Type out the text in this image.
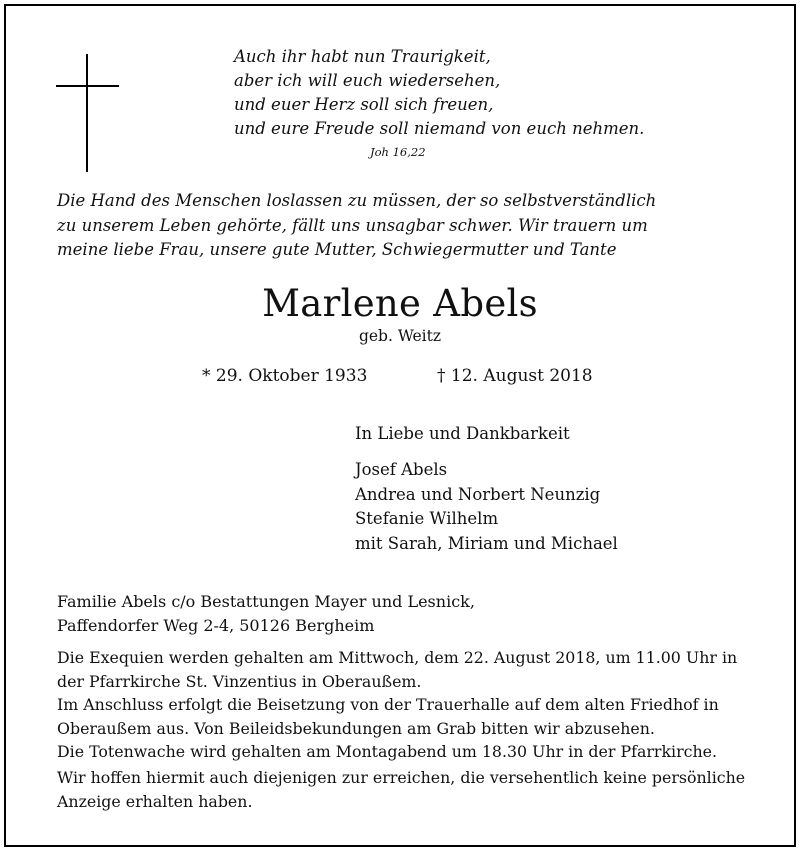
Auch ihr habt nun Traurigkeit,
aber ich will euch wiedersehen,
und euer Herz soll sich freuen,
und eure Freude soll niemand von euch nehmen.
Joh 16,22
Die Hand des Menschen loslassen zu müssen, der so selbstverständlich
zu unserem Leben gehörte, fällt uns unsagbar schwer. Wir trauern um
meine liebe Frau, unsere gute Mutter, Schwiegermutter und Tante
Marlene Abels
geb. Weitz
* 29. Oktober 1933	† 12. August 2018
In Liebe und Dankbarkeit
Josef Abels
Andrea und Norbert Neunzig
Stefanie Wilhelm
mit Sarah, Miriam und Michael
Familie Abels c/o Bestattungen Mayer und Lesnick,
Paffendorfer Weg 2-4, 50126 Bergheim
Die Exequien werden gehalten am Mittwoch, dem 22. August 2018, um 11.00 Uhr in
der Pfarrkirche St. Vinzentius in Oberaußem.
Im Anschluss erfolgt die Beisetzung von der Trauerhalle auf dem alten Friedhof in
Oberaußem aus. Von Beileidsbekundungen am Grab bitten wir abzusehen.
Die Totenwache wird gehalten am Montagabend um 18.30 Uhr in der Pfarrkirche.
Wir hoffen hiermit auch diejenigen zur erreichen, die versehentlich keine persönliche
Anzeige erhalten haben.
